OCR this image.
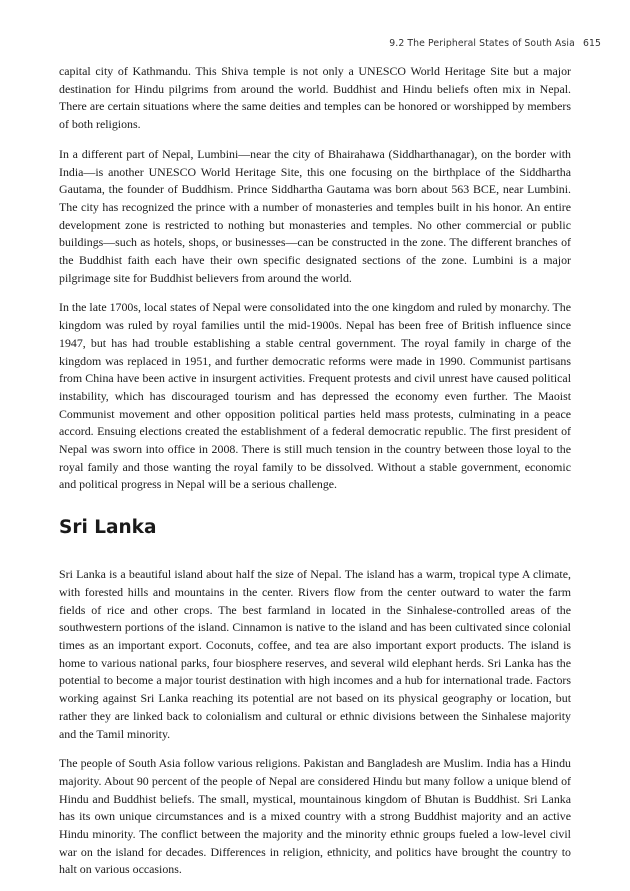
9.2 The Peripheral States of South Asia 615

capital city of Kathmandu. This Shiva temple is not only a UNESCO World Heritage Site but a major destination for Hindu pilgrims from around the world. Buddhist and Hindu beliefs often mix in Nepal. There are certain situations where the same deities and temples can be honored or worshipped by members of both religions.

In a different part of Nepal, Lumbini—near the city of Bhairahawa (Siddharthanagar), on the border with India—is another UNESCO World Heritage Site, this one focusing on the birthplace of the Siddhartha Gautama, the founder of Buddhism. Prince Siddhartha Gautama was born about 563 BCE, near Lumbini. The city has recognized the prince with a number of monasteries and temples built in his honor. An entire development zone is restricted to nothing but monasteries and temples. No other commercial or public buildings—such as hotels, shops, or businesses—can be constructed in the zone. The different branches of the Buddhist faith each have their own specific designated sections of the zone. Lumbini is a major pilgrimage site for Buddhist believers from around the world.

In the late 1700s, local states of Nepal were consolidated into the one kingdom and ruled by monarchy. The kingdom was ruled by royal families until the mid-1900s. Nepal has been free of British influence since 1947, but has had trouble establishing a stable central government. The royal family in charge of the kingdom was replaced in 1951, and further democratic reforms were made in 1990. Communist partisans from China have been active in insurgent activities. Frequent protests and civil unrest have caused political instability, which has discouraged tourism and has depressed the economy even further. The Maoist Communist movement and other opposition political parties held mass protests, culminating in a peace accord. Ensuing elections created the establishment of a federal democratic republic. The first president of Nepal was sworn into office in 2008. There is still much tension in the country between those loyal to the royal family and those wanting the royal family to be dissolved. Without a stable government, economic and political progress in Nepal will be a serious challenge.

Sri Lanka

Sri Lanka is a beautiful island about half the size of Nepal. The island has a warm, tropical type A climate, with forested hills and mountains in the center. Rivers flow from the center outward to water the farm fields of rice and other crops. The best farmland in located in the Sinhalese-controlled areas of the southwestern portions of the island. Cinnamon is native to the island and has been cultivated since colonial times as an important export. Coconuts, coffee, and tea are also important export products. The island is home to various national parks, four biosphere reserves, and several wild elephant herds. Sri Lanka has the potential to become a major tourist destination with high incomes and a hub for international trade. Factors working against Sri Lanka reaching its potential are not based on its physical geography or location, but rather they are linked back to colonialism and cultural or ethnic divisions between the Sinhalese majority and the Tamil minority.

The people of South Asia follow various religions. Pakistan and Bangladesh are Muslim. India has a Hindu majority. About 90 percent of the people of Nepal are considered Hindu but many follow a unique blend of Hindu and Buddhist beliefs. The small, mystical, mountainous kingdom of Bhutan is Buddhist. Sri Lanka has its own unique circumstances and is a mixed country with a strong Buddhist majority and an active Hindu minority. The conflict between the majority and the minority ethnic groups fueled a low-level civil war on the island for decades. Differences in religion, ethnicity, and politics have brought the country to halt on various occasions.
